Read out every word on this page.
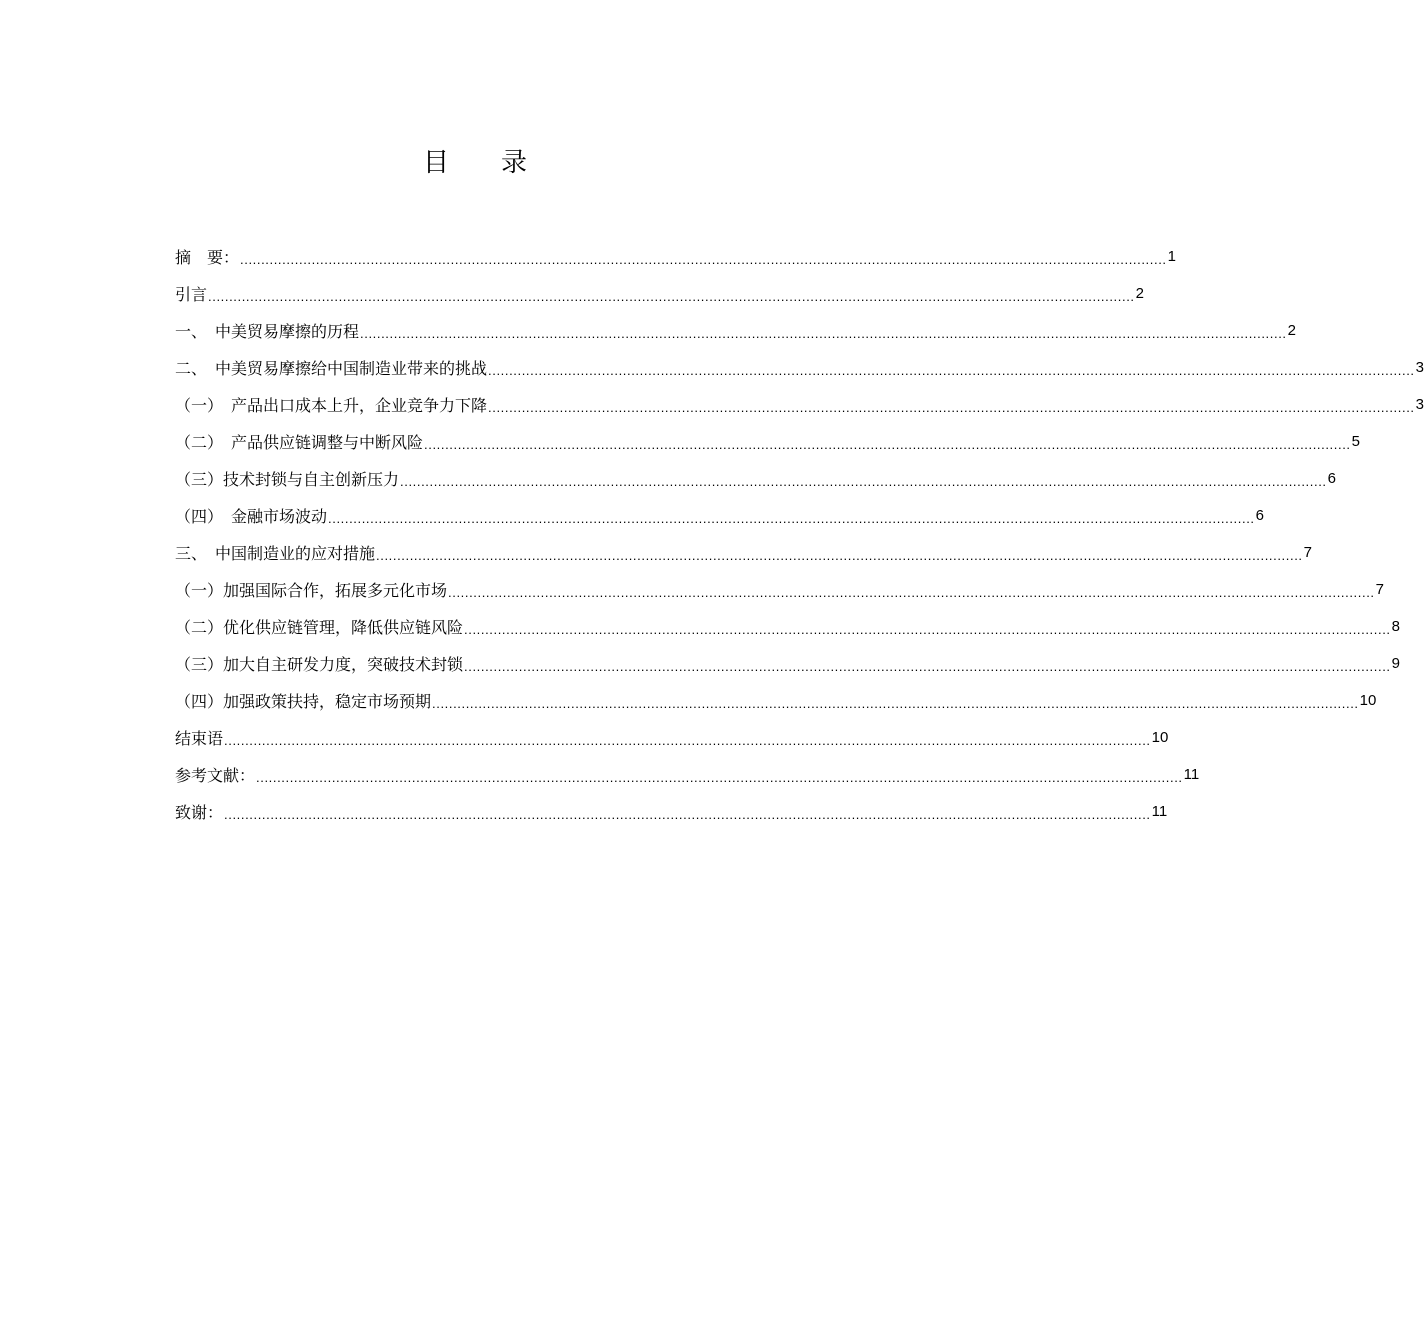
目 录
摘　要： ............................................................................................................................................................................................................................ 1
引言 ............................................................................................................................................................................................................................ 2
一、　中美贸易摩擦的历程 ............................................................................................................................................................................................................................ 2
二、　中美贸易摩擦给中国制造业带来的挑战 ............................................................................................................................................................................................................................ 3
（一）　产品出口成本上升，企业竞争力下降 ............................................................................................................................................................................................................................ 3
（二）　产品供应链调整与中断风险 ............................................................................................................................................................................................................................ 5
（三）技术封锁与自主创新压力 ............................................................................................................................................................................................................................ 6
（四）　金融市场波动 ............................................................................................................................................................................................................................ 6
三、　中国制造业的应对措施 ............................................................................................................................................................................................................................ 7
（一）加强国际合作，拓展多元化市场 ............................................................................................................................................................................................................................ 7
（二）优化供应链管理，降低供应链风险 ............................................................................................................................................................................................................................ 8
（三）加大自主研发力度，突破技术封锁 ............................................................................................................................................................................................................................ 9
（四）加强政策扶持，稳定市场预期 ............................................................................................................................................................................................................................ 10
结束语 ............................................................................................................................................................................................................................ 10
参考文献： ............................................................................................................................................................................................................................ 11
致谢： ............................................................................................................................................................................................................................ 11
